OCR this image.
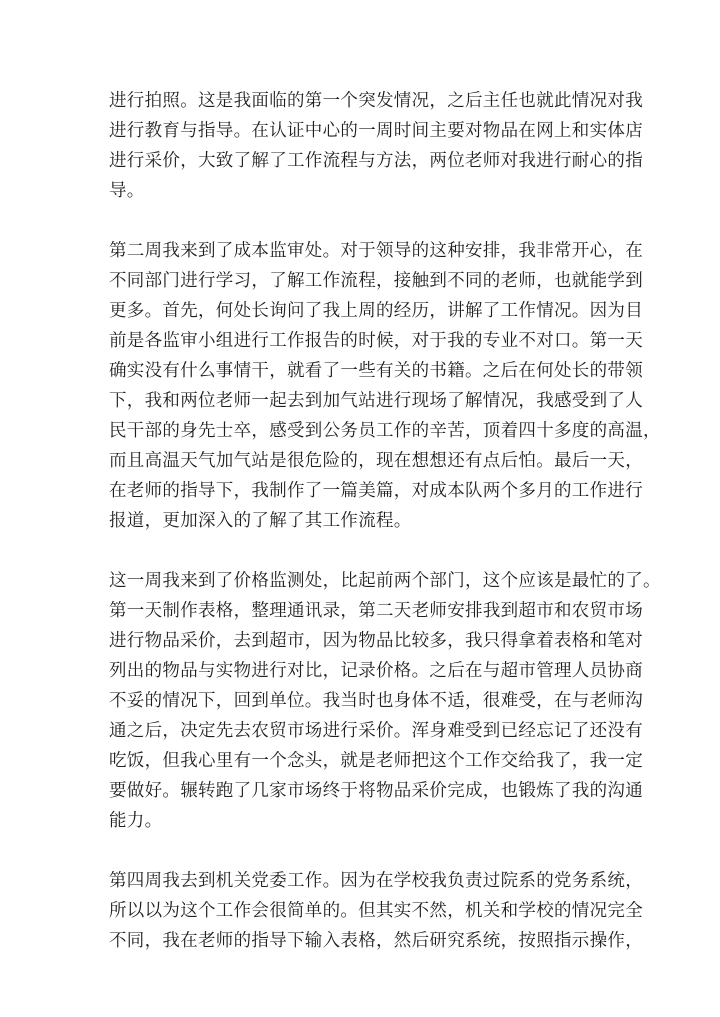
进行拍照。这是我面临的第一个突发情况，之后主任也就此情况对我
进行教育与指导。在认证中心的一周时间主要对物品在网上和实体店
进行采价，大致了解了工作流程与方法，两位老师对我进行耐心的指
导。
第二周我来到了成本监审处。对于领导的这种安排，我非常开心，在
不同部门进行学习，了解工作流程，接触到不同的老师，也就能学到
更多。首先，何处长询问了我上周的经历，讲解了工作情况。因为目
前是各监审小组进行工作报告的时候，对于我的专业不对口。第一天
确实没有什么事情干，就看了一些有关的书籍。之后在何处长的带领
下，我和两位老师一起去到加气站进行现场了解情况，我感受到了人
民干部的身先士卒，感受到公务员工作的辛苦，顶着四十多度的高温，
而且高温天气加气站是很危险的，现在想想还有点后怕。最后一天，
在老师的指导下，我制作了一篇美篇，对成本队两个多月的工作进行
报道，更加深入的了解了其工作流程。
这一周我来到了价格监测处，比起前两个部门，这个应该是最忙的了。
第一天制作表格，整理通讯录，第二天老师安排我到超市和农贸市场
进行物品采价，去到超市，因为物品比较多，我只得拿着表格和笔对
列出的物品与实物进行对比，记录价格。之后在与超市管理人员协商
不妥的情况下，回到单位。我当时也身体不适，很难受，在与老师沟
通之后，决定先去农贸市场进行采价。浑身难受到已经忘记了还没有
吃饭，但我心里有一个念头，就是老师把这个工作交给我了，我一定
要做好。辗转跑了几家市场终于将物品采价完成，也锻炼了我的沟通
能力。
第四周我去到机关党委工作。因为在学校我负责过院系的党务系统，
所以以为这个工作会很简单的。但其实不然，机关和学校的情况完全
不同，我在老师的指导下输入表格，然后研究系统，按照指示操作，
